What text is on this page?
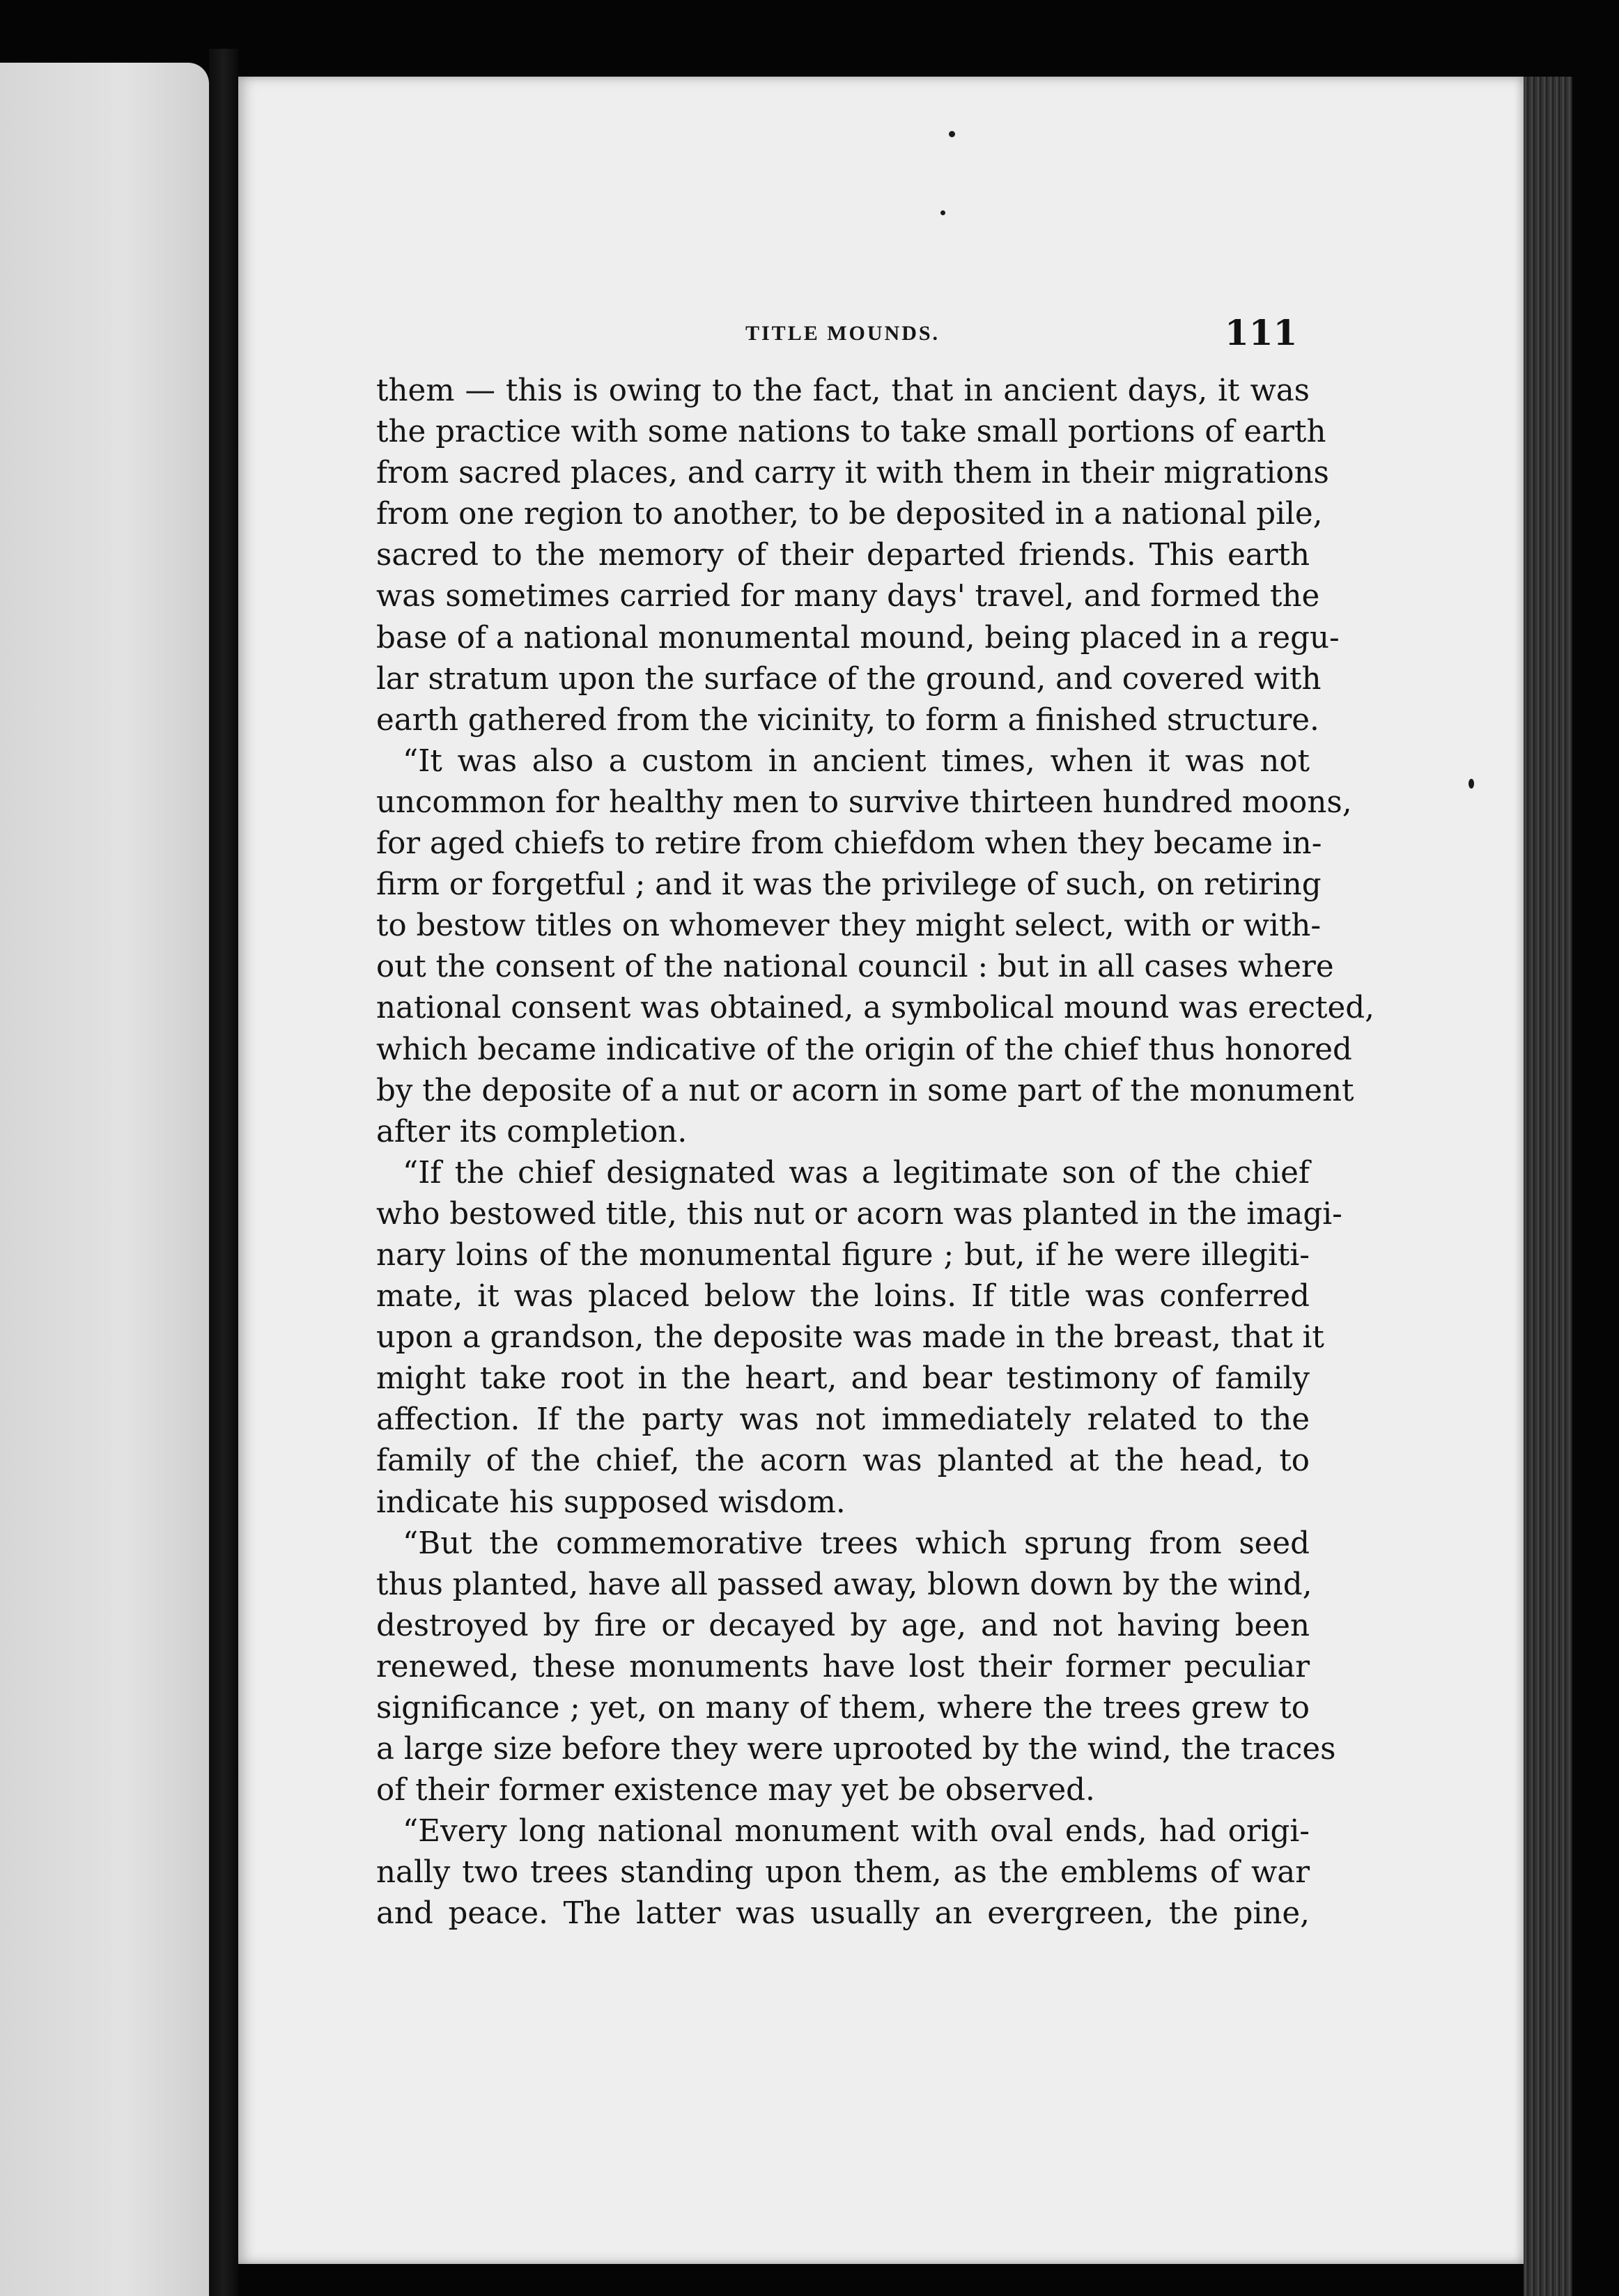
TITLE MOUNDS.	111
them — this is owing to the fact, that in ancient days, it was
the practice with some nations to take small portions of earth
from sacred places, and carry it with them in their migrations
from one region to another, to be deposited in a national pile,
sacred to the memory of their departed friends. This earth
was sometimes carried for many days' travel, and formed the
base of a national monumental mound, being placed in a regu-
lar stratum upon the surface of the ground, and covered with
earth gathered from the vicinity, to form a finished structure.
“It was also a custom in ancient times, when it was not
uncommon for healthy men to survive thirteen hundred moons,
for aged chiefs to retire from chiefdom when they became in-
firm or forgetful ; and it was the privilege of such, on retiring
to bestow titles on whomever they might select, with or with-
out the consent of the national council : but in all cases where
national consent was obtained, a symbolical mound was erected,
which became indicative of the origin of the chief thus honored
by the deposite of a nut or acorn in some part of the monument
after its completion.
“If the chief designated was a legitimate son of the chief
who bestowed title, this nut or acorn was planted in the imagi-
nary loins of the monumental figure ; but, if he were illegiti-
mate, it was placed below the loins. If title was conferred
upon a grandson, the deposite was made in the breast, that it
might take root in the heart, and bear testimony of family
affection. If the party was not immediately related to the
family of the chief, the acorn was planted at the head, to
indicate his supposed wisdom.
“But the commemorative trees which sprung from seed
thus planted, have all passed away, blown down by the wind,
destroyed by fire or decayed by age, and not having been
renewed, these monuments have lost their former peculiar
significance ; yet, on many of them, where the trees grew to
a large size before they were uprooted by the wind, the traces
of their former existence may yet be observed.
“Every long national monument with oval ends, had origi-
nally two trees standing upon them, as the emblems of war
and peace. The latter was usually an evergreen, the pine,
